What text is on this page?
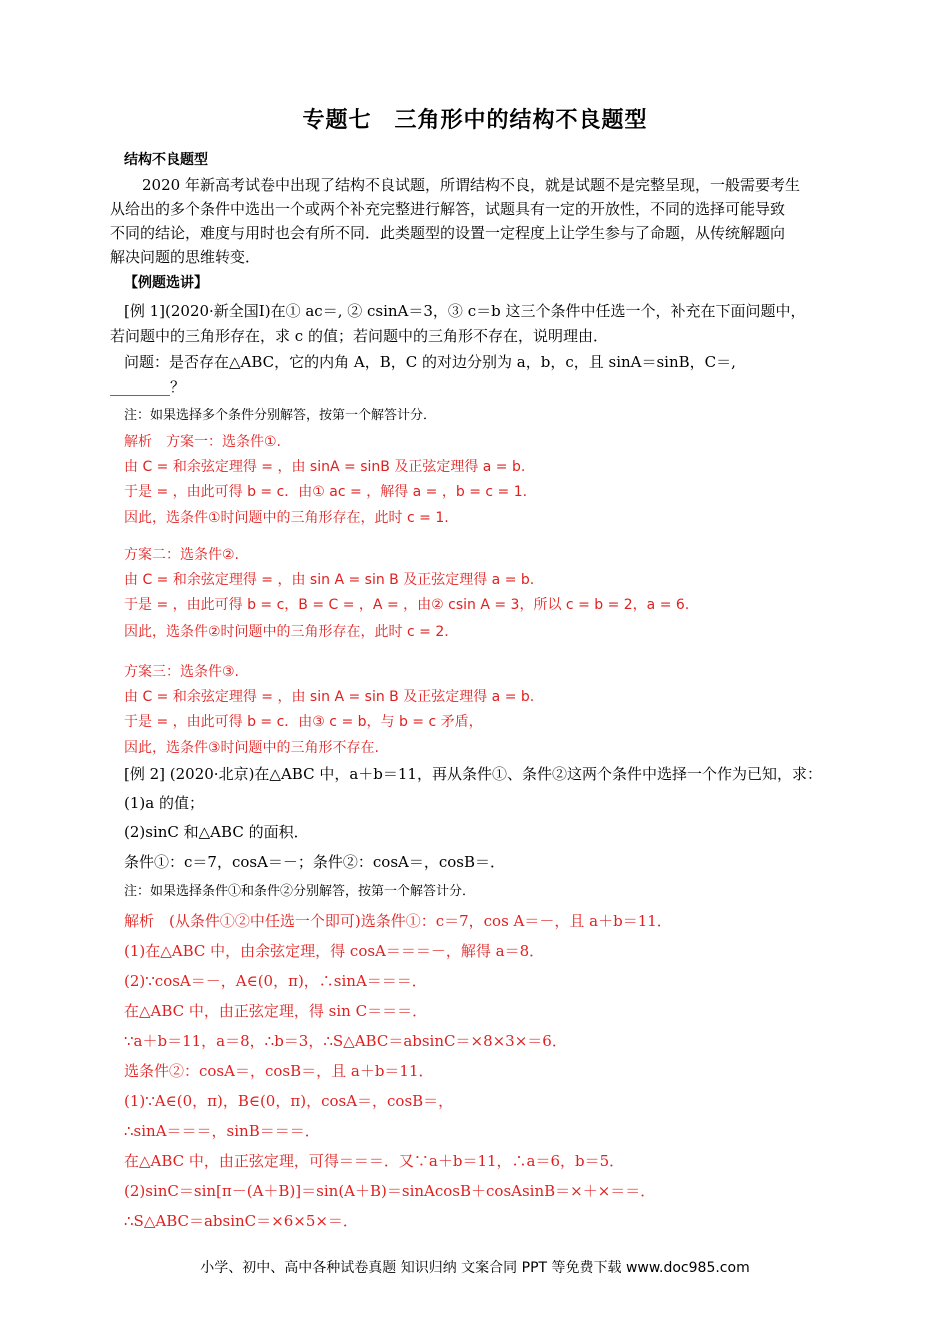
专题七　三角形中的结构不良题型
结构不良题型
2020 年新高考试卷中出现了结构不良试题，所谓结构不良，就是试题不是完整呈现，一般需要考生
从给出的多个条件中选出一个或两个补充完整进行解答，试题具有一定的开放性，不同的选择可能导致
不同的结论，难度与用时也会有所不同．此类题型的设置一定程度上让学生参与了命题，从传统解题向
解决问题的思维转变．
【例题选讲】
[例 1](2020·新全国Ⅰ)在① ac＝, ② csinA＝3，③ c＝b 这三个条件中任选一个，补充在下面问题中，
若问题中的三角形存在，求 c 的值；若问题中的三角形不存在，说明理由．
问题：是否存在△ABC，它的内角 A，B，C 的对边分别为 a，b，c，且 sinA＝sinB，C＝,
________？
注：如果选择多个条件分别解答，按第一个解答计分．
解析　方案一：选条件①.
由 C = 和余弦定理得 = ，由 sinA = sinB 及正弦定理得 a = b.
于是 = ，由此可得 b = c．由① ac = ，解得 a = ，b = c = 1.
因此，选条件①时问题中的三角形存在，此时 c = 1.
方案二：选条件②.
由 C = 和余弦定理得 = ，由 sin A = sin B 及正弦定理得 a = b.
于是 = ，由此可得 b = c，B = C = ，A = ，由② csin A = 3，所以 c = b = 2，a = 6.
因此，选条件②时问题中的三角形存在，此时 c = 2.
方案三：选条件③.
由 C = 和余弦定理得 = ，由 sin A = sin B 及正弦定理得 a = b.
于是 = ，由此可得 b = c．由③ c = b，与 b = c 矛盾，
因此，选条件③时问题中的三角形不存在.
[例 2] (2020·北京)在△ABC 中，a＋b＝11，再从条件①、条件②这两个条件中选择一个作为已知，求：
(1)a 的值；
(2)sinC 和△ABC 的面积．
条件①：c＝7，cosA＝－；条件②：cosA＝，cosB＝．
注：如果选择条件①和条件②分别解答，按第一个解答计分．
解析　(从条件①②中任选一个即可)选条件①：c＝7，cos A＝－，且 a＋b＝11．
(1)在△ABC 中，由余弦定理，得 cosA＝＝＝－，解得 a＝8．
(2)∵cosA＝－，A∈(0，π)，∴sinA＝＝＝．
在△ABC 中，由正弦定理，得 sin C＝＝＝．
∵a＋b＝11，a＝8，∴b＝3，∴S△ABC＝absinC＝×8×3×＝6．
选条件②：cosA＝，cosB＝，且 a＋b＝11．
(1)∵A∈(0，π)，B∈(0，π)，cosA＝，cosB＝，
∴sinA＝＝＝，sinB＝＝＝．
在△ABC 中，由正弦定理，可得＝＝＝．又∵a＋b＝11，∴a＝6，b＝5．
(2)sinC＝sin[π－(A＋B)]＝sin(A＋B)＝sinAcosB＋cosAsinB＝×＋×＝＝．
∴S△ABC＝absinC＝×6×5×＝．
小学、初中、高中各种试卷真题 知识归纳 文案合同 PPT 等免费下载 www.doc985.com
